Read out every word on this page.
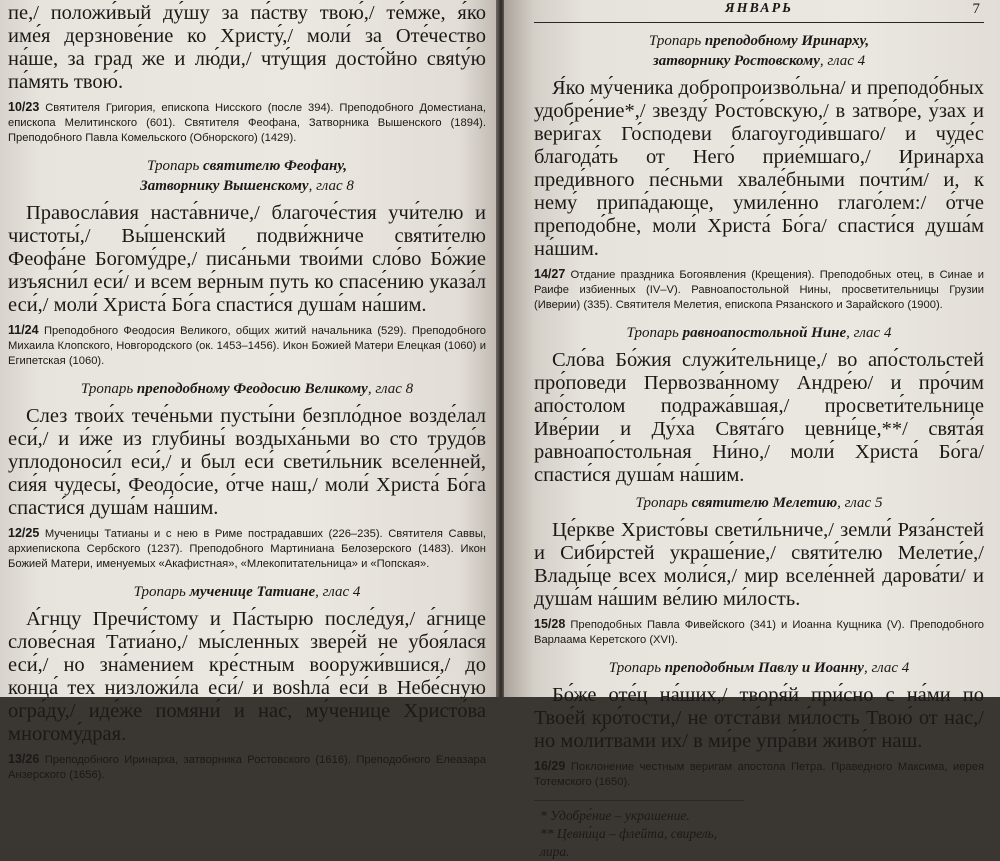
пе,/ положи́вый ду́шу за па́ству твою́,/ те́мже, я́ко име́я дерзнове́ние ко Христу́,/ моли́ за Оте́чество на́ше, за град же и лю́ди,/ чту́щия досто́йно свяtу́ю па́мять твою́.

10/23 Святителя Григория, епископа Нисского (после 394). Преподобного Доместиана, епископа Мелитинского (601). Святителя Феофана, Затворника Вышенского (1894). Преподобного Павла Комельского (Обнорского) (1429).

Тропарь святителю Феофану,
Затворнику Вышенскому, глас 8

Правосла́вия наста́вниче,/ благоче́стия учи́телю и чистоты́,/ Вы́шенский подви́жниче святи́телю Феофа́не Богому́дре,/ писа́ньми твои́ми сло́во Бо́жие изъясни́л еси́/ и всем ве́рным путь ко спасе́нию указа́л еси́,/ моли́ Христа́ Бо́га спасти́ся душа́м на́шим.

11/24 Преподобного Феодосия Великого, общих житий начальника (529). Преподобного Михаила Клопского, Новгородского (ок. 1453–1456). Икон Божией Матери Елецкая (1060) и Египетская (1060).

Тропарь преподобному Феодосию Великому, глас 8

Слез твои́х тече́ньми пусты́ни безпло́дное возде́лал еси́,/ и и́же из глубины́ воздыха́ньми во сто трудо́в уплодоноси́л еси́,/ и был еси́ свети́льник вселе́нней, сия́я чудесы́, Феодо́сие, о́тче наш,/ моли́ Христа́ Бо́га спасти́ся душа́м на́шим.

12/25 Мученицы Татианы и с нею в Риме пострадавших (226–235). Святителя Саввы, архиепископа Сербского (1237). Преподобного Мартиниана Белозерского (1483). Икон Божией Матери, именуемых «Акафистная», «Млекопитательница» и «Попская».

Тропарь мученице Татиане, глас 4

А́гнцу Пречи́стому и Па́стырю после́дуя,/ а́гнице слове́сная Татиа́но,/ мы́сленных звере́й не убоя́лася еси́,/ но зна́мением кре́стным вооружи́вшися,/ до конца́ тех низложи́ла еси́/ и воshла́ еси́ в Небе́сную огра́ду,/ иде́же помяни́ и нас, му́ченице Христо́ва многому́драя.

13/26 Преподобного Иринарха, затворника Ростовского (1616). Преподобного Елеазара Анзерского (1656).

ЯНВАРЬ	7
Тропарь преподобному Иринарху,
затворнику Ростовскому, глас 4

Я́ко му́ченика добропроизво́льна/ и преподо́бных удобре́ние*,/ звезду́ Росто́вскую,/ в затво́ре, у́зах и вери́гах Го́сподеви благоугоди́вшаго/ и чуде́с благода́ть от Него́ прие́мшаго,/ Ирина́рха преди́вного пе́сньми хвале́бными почти́м/ и, к нему́ припа́дающе, умиле́нно глаго́лем:/ о́тче преподо́бне, моли́ Христа́ Бо́га/ спасти́ся душа́м на́шим.

14/27 Отдание праздника Богоявления (Крещения). Преподобных отец, в Синае и Раифе избиенных (IV–V). Равноапостольной Нины, просветительницы Грузии (Иверии) (335). Святителя Мелетия, епископа Рязанского и Зарайского (1900).

Тропарь равноапостольной Нине, глас 4

Сло́ва Бо́жия служи́тельнице,/ во апо́стольстей про́поведи Первозва́нному Андре́ю/ и про́чим апо́столом подража́вшая,/ просвети́тельнице Иве́рии и Ду́ха Свята́го цевни́це,**/ свята́я равноапо́стольная Ни́но,/ моли́ Христа́ Бо́га/ спасти́ся душа́м на́шим.

Тропарь святителю Мелетию, глас 5

Це́ркве Христо́вы свети́льниче,/ земли́ Ряза́нстей и Сиби́рстей украше́ние,/ святи́телю Мелети́е,/ Влады́це всех моли́ся,/ мир вселе́нней дарова́ти/ и душа́м на́шим ве́лию ми́лость.

15/28 Преподобных Павла Фивейского (341) и Иоанна Кущника (V). Преподобного Варлаама Керетского (XVI).

Тропарь преподобным Павлу и Иоанну, глас 4

Бо́же оте́ц на́ших,/ творя́й при́сно с на́ми по Твое́й кро́тости,/ не отста́ви ми́лость Твою́ от нас,/ но моли́твами их/ в ми́ре упра́ви живо́т наш.

16/29 Поклонение честным веригам апостола Петра. Праведного Максима, иерея Тотемского (1650).

* Удобре́ние – украшение.

** Цевни́ца – флейта, свирель, лира.
